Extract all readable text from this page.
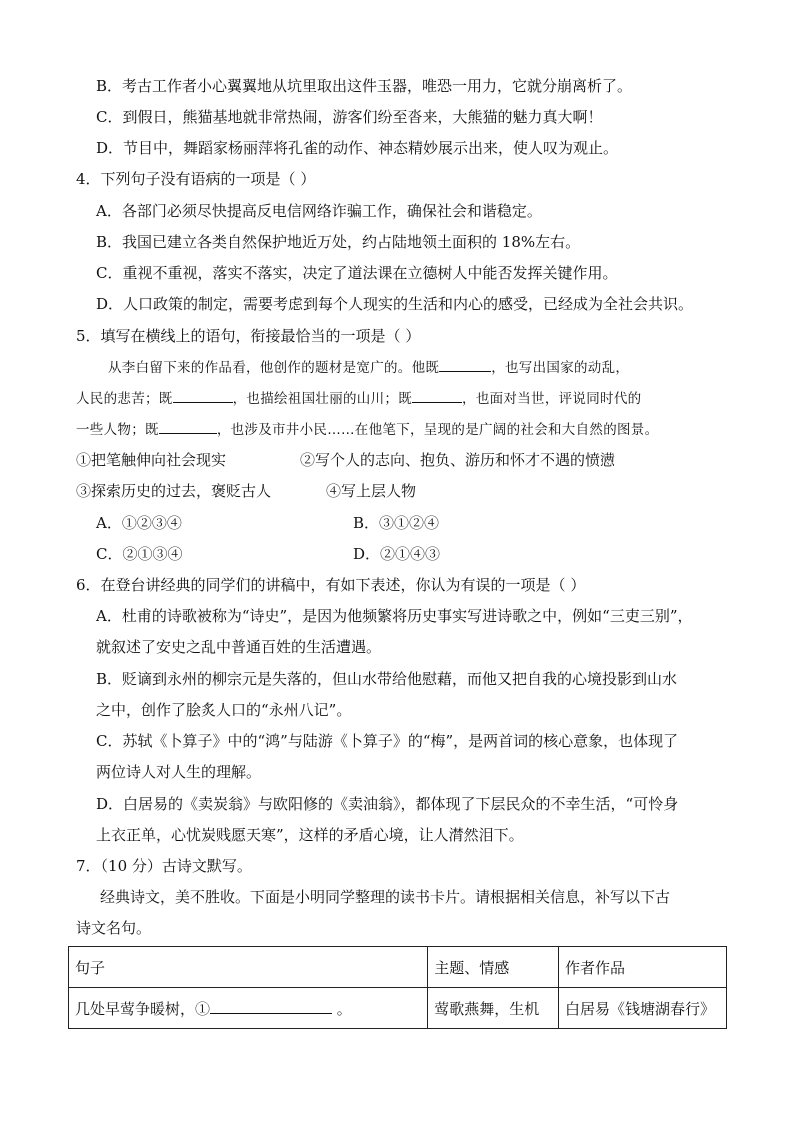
B．考古工作者小心翼翼地从坑里取出这件玉器，唯恐一用力，它就分崩离析了。
C．到假日，熊猫基地就非常热闹，游客们纷至沓来，大熊猫的魅力真大啊！
D．节目中，舞蹈家杨丽萍将孔雀的动作、神态精妙展示出来，使人叹为观止。
4．下列句子没有语病的一项是（ ）
A．各部门必须尽快提高反电信网络诈骗工作，确保社会和谐稳定。
B．我国已建立各类自然保护地近万处，约占陆地领土面积的 18%左右。
C．重视不重视，落实不落实，决定了道法课在立德树人中能否发挥关键作用。
D．人口政策的制定，需要考虑到每个人现实的生活和内心的感受，已经成为全社会共识。
5．填写在横线上的语句，衔接最恰当的一项是（ ）
从李白留下来的作品看，他创作的题材是宽广的。他既	，也写出国家的动乱，
人民的悲苦；既	，也描绘祖国壮丽的山川；既	，也面对当世，评说同时代的
一些人物；既	，也涉及市井小民……在他笔下，呈现的是广阔的社会和大自然的图景。
①把笔触伸向社会现实	②写个人的志向、抱负、游历和怀才不遇的愤懑
③探索历史的过去，褒贬古人	④写上层人物
A．①②③④	B．③①②④
C．②①③④	D．②①④③
6．在登台讲经典的同学们的讲稿中，有如下表述，你认为有误的一项是（ ）
A．杜甫的诗歌被称为“诗史”，是因为他频繁将历史事实写进诗歌之中，例如“三吏三别”，
就叙述了安史之乱中普通百姓的生活遭遇。
B．贬谪到永州的柳宗元是失落的，但山水带给他慰藉，而他又把自我的心境投影到山水
之中，创作了脍炙人口的“永州八记”。
C．苏轼《卜算子》中的“鸿”与陆游《卜算子》的“梅”，是两首词的核心意象，也体现了
两位诗人对人生的理解。
D．白居易的《卖炭翁》与欧阳修的《卖油翁》，都体现了下层民众的不幸生活，“可怜身
上衣正单，心忧炭贱愿天寒”，这样的矛盾心境，让人潸然泪下。
7．（10 分）古诗文默写。
经典诗文，美不胜收。下面是小明同学整理的读书卡片。请根据相关信息，补写以下古
诗文名句。
句子	主题、情感	作者作品
几处早莺争暖树，① 。	莺歌燕舞，生机	白居易《钱塘湖春行》
